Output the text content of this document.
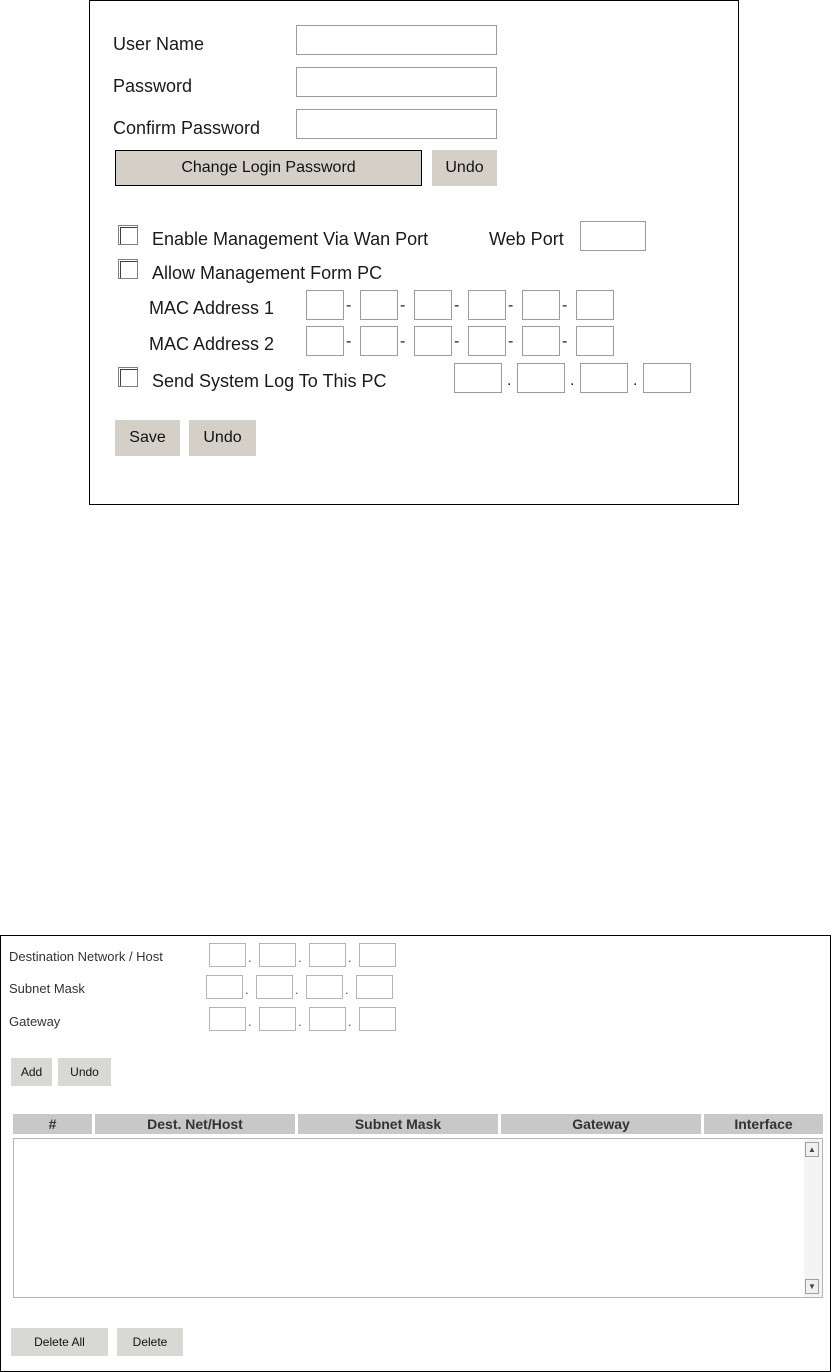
User Name
Password
Confirm Password
Change Login Password	Undo
Enable Management Via Wan Port	Web Port
Allow Management Form PC
MAC Address 1	-	-	-	-	-
MAC Address 2	-	-	-	-	-
Send System Log To This PC	.	.	.
Save	Undo
Destination Network / Host	.	.	.
Subnet Mask	.	.	.
Gateway	.	.	.
Add	Undo
#	Dest. Net/Host	Subnet Mask	Gateway	Interface
▲
▼
Delete All	Delete
